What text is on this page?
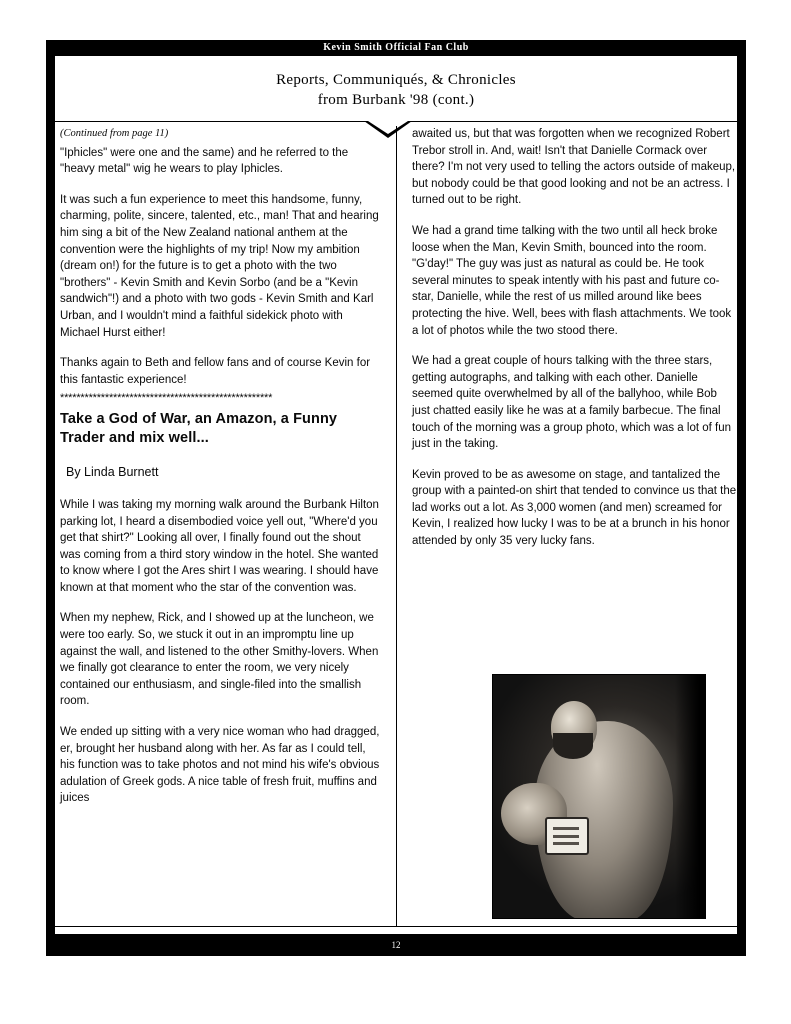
Kevin Smith Official Fan Club
Reports, Communiqués, & Chronicles
from Burbank '98 (cont.)
(Continued from page 11)

"Iphicles" were one and the same) and he referred to the "heavy metal" wig he wears to play Iphicles.

It was such a fun experience to meet this handsome, funny, charming, polite, sincere, talented, etc., man! That and hearing him sing a bit of the New Zealand national anthem at the convention were the highlights of my trip! Now my ambition (dream on!) for the future is to get a photo with the two "brothers" - Kevin Smith and Kevin Sorbo (and be a "Kevin sandwich"!) and a photo with two gods - Kevin Smith and Karl Urban, and I wouldn't mind a faithful sidekick photo with Michael Hurst either!

Thanks again to Beth and fellow fans and of course Kevin for this fantastic experience!

****************************************************
Take a God of War, an Amazon, a Funny Trader and mix well...
By Linda Burnett

While I was taking my morning walk around the Burbank Hilton parking lot, I heard a disembodied voice yell out, "Where'd you get that shirt?" Looking all over, I finally found out the shout was coming from a third story window in the hotel. She wanted to know where I got the Ares shirt I was wearing. I should have known at that moment who the star of the convention was.

When my nephew, Rick, and I showed up at the luncheon, we were too early. So, we stuck it out in an impromptu line up against the wall, and listened to the other Smithy-lovers. When we finally got clearance to enter the room, we very nicely contained our enthusiasm, and single-filed into the smallish room.

We ended up sitting with a very nice woman who had dragged, er, brought her husband along with her. As far as I could tell, his function was to take photos and not mind his wife's obvious adulation of Greek gods. A nice table of fresh fruit, muffins and juices

awaited us, but that was forgotten when we recognized Robert Trebor stroll in. And, wait! Isn't that Danielle Cormack over there? I'm not very used to telling the actors outside of makeup, but nobody could be that good looking and not be an actress. I turned out to be right.

We had a grand time talking with the two until all heck broke loose when the Man, Kevin Smith, bounced into the room. "G'day!" The guy was just as natural as could be. He took several minutes to speak intently with his past and future co-star, Danielle, while the rest of us milled around like bees protecting the hive. Well, bees with flash attachments. We took a lot of photos while the two stood there.

We had a great couple of hours talking with the three stars, getting autographs, and talking with each other. Danielle seemed quite overwhelmed by all of the ballyhoo, while Bob just chatted easily like he was at a family barbecue. The final touch of the morning was a group photo, which was a lot of fun just in the taking.

Kevin proved to be as awesome on stage, and tantalized the group with a painted-on shirt that tended to convince us that the lad works out a lot. As 3,000 women (and men) screamed for Kevin, I realized how lucky I was to be at a brunch in his honor attended by only 35 very lucky fans.

12
